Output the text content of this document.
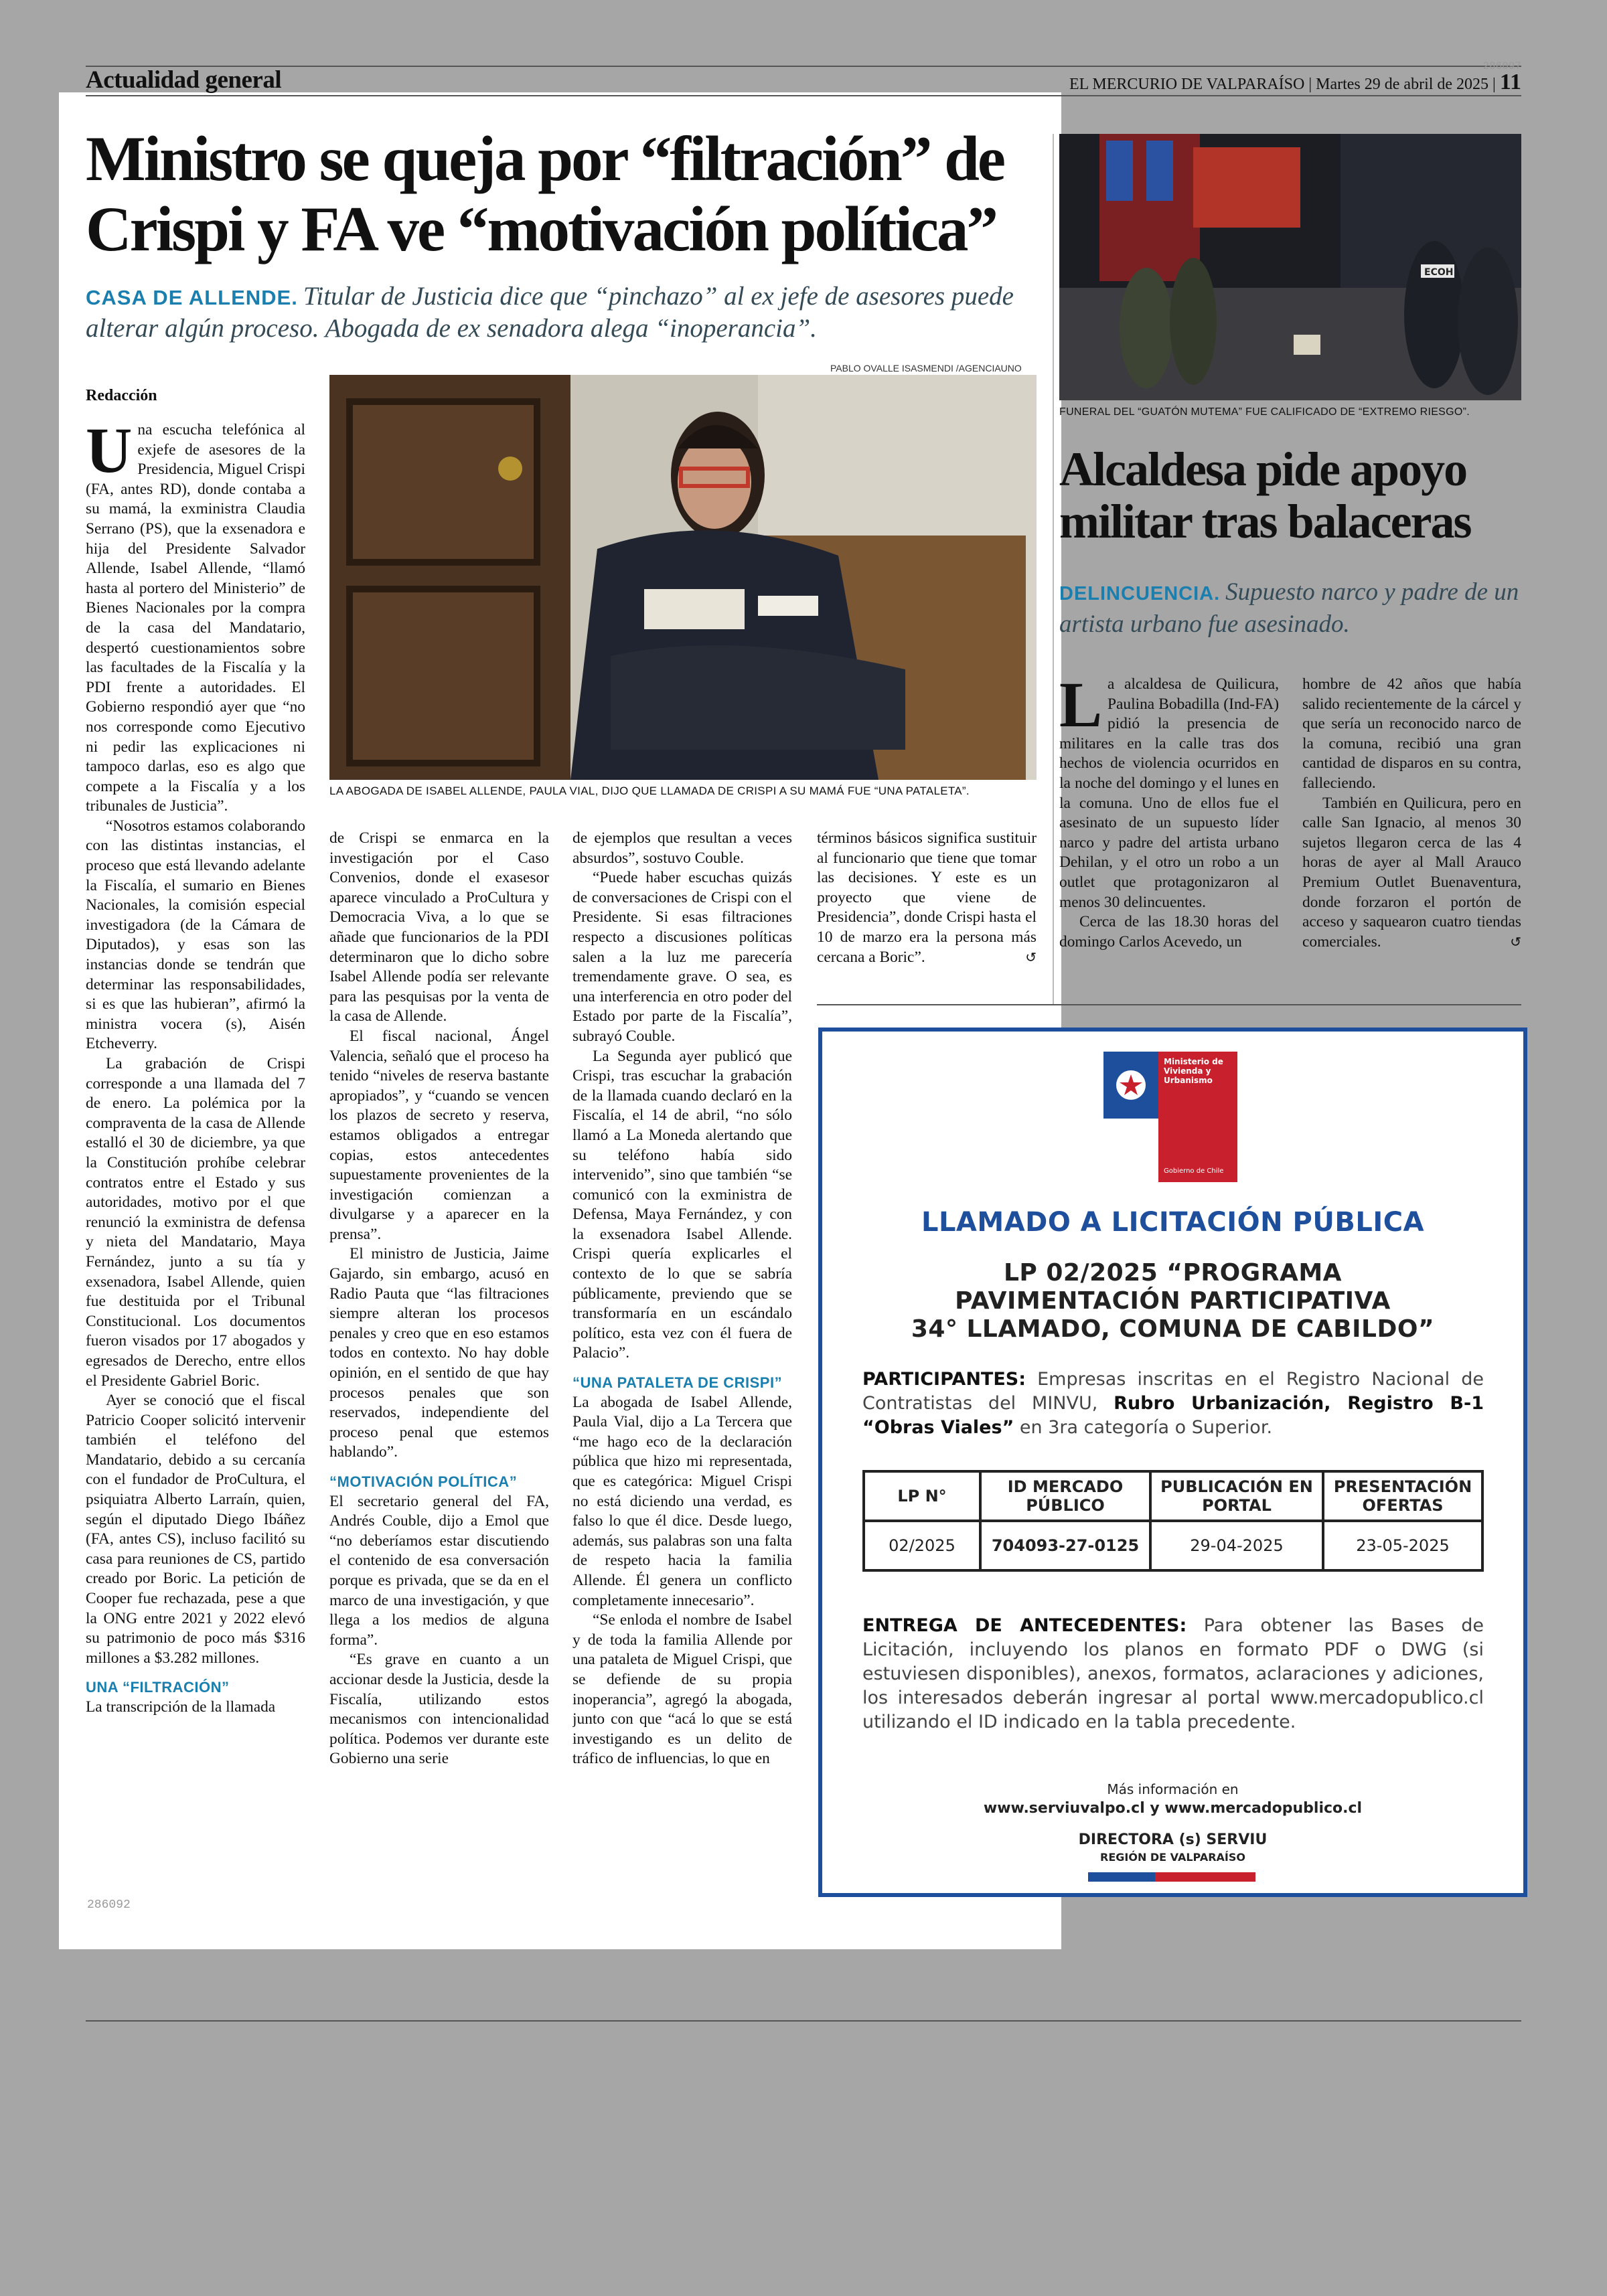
Actualidad general	EL MERCURIO DE VALPARAÍSO | Martes 29 de abril de 2025 | 11
286097
Ministro se queja por “filtración” de
Crispi y FA ve “motivación política”
CASA DE ALLENDE. Titular de Justicia dice que “pinchazo” al ex jefe de asesores puede alterar algún proceso. Abogada de ex senadora alega “inoperancia”.
Redacción
PABLO OVALLE ISASMENDI /AGENCIAUNO
LA ABOGADA DE ISABEL ALLENDE, PAULA VIAL, DIJO QUE LLAMADA DE CRISPI A SU MAMÁ FUE “UNA PATALETA”.

Una escucha telefónica al exjefe de asesores de la Presidencia, Miguel Crispi (FA, antes RD), donde contaba a su mamá, la exministra Claudia Serrano (PS), que la exsenadora e hija del Presidente Salvador Allende, Isabel Allende, “llamó hasta al portero del Ministerio” de Bienes Nacionales por la compra de la casa del Mandatario, despertó cuestionamientos sobre las facultades de la Fiscalía y la PDI frente a autoridades. El Gobierno respondió ayer que “no nos corresponde como Ejecutivo ni pedir las explicaciones ni tampoco darlas, eso es algo que compete a la Fiscalía y a los tribunales de Justicia”.

“Nosotros estamos colaborando con las distintas instancias, el proceso que está llevando adelante la Fiscalía, el sumario en Bienes Nacionales, la comisión especial investigadora (de la Cámara de Diputados), y esas son las instancias donde se tendrán que determinar las responsabilidades, si es que las hubieran”, afirmó la ministra vocera (s), Aisén Etcheverry.

La grabación de Crispi corresponde a una llamada del 7 de enero. La polémica por la compraventa de la casa de Allende estalló el 30 de diciembre, ya que la Constitución prohíbe celebrar contratos entre el Estado y sus autoridades, motivo por el que renunció la exministra de defensa y nieta del Mandatario, Maya Fernández, junto a su tía y exsenadora, Isabel Allende, quien fue destituida por el Tribunal Constitucional. Los documentos fueron visados por 17 abogados y egresados de Derecho, entre ellos el Presidente Gabriel Boric.

Ayer se conoció que el fiscal Patricio Cooper solicitó intervenir también el teléfono del Mandatario, debido a su cercanía con el fundador de ProCultura, el psiquiatra Alberto Larraín, quien, según el diputado Diego Ibáñez (FA, antes CS), incluso facilitó su casa para reuniones de CS, partido creado por Boric. La petición de Cooper fue rechazada, pese a que la ONG entre 2021 y 2022 elevó su patrimonio de poco más $316 millones a $3.282 millones.

UNA “FILTRACIÓN”

La transcripción de la llamada

286092

de Crispi se enmarca en la investigación por el Caso Convenios, donde el exasesor aparece vinculado a ProCultura y Democracia Viva, a lo que se añade que funcionarios de la PDI determinaron que lo dicho sobre Isabel Allende podía ser relevante para las pesquisas por la venta de la casa de Allende.

El fiscal nacional, Ángel Valencia, señaló que el proceso ha tenido “niveles de reserva bastante apropiados”, y “cuando se vencen los plazos de secreto y reserva, estamos obligados a entregar copias, estos antecedentes supuestamente provenientes de la investigación comienzan a divulgarse y a aparecer en la prensa”.

El ministro de Justicia, Jaime Gajardo, sin embargo, acusó en Radio Pauta que “las filtraciones siempre alteran los procesos penales y creo que en eso estamos todos en contexto. No hay doble opinión, en el sentido de que hay procesos penales que son reservados, independiente del proceso penal que estemos hablando”.

“MOTIVACIÓN POLÍTICA”

El secretario general del FA, Andrés Couble, dijo a Emol que “no deberíamos estar discutiendo el contenido de esa conversación porque es privada, que se da en el marco de una investigación, y que llega a los medios de alguna forma”.

“Es grave en cuanto a un accionar desde la Justicia, desde la Fiscalía, utilizando estos mecanismos con intencionalidad política. Podemos ver durante este Gobierno una serie

de ejemplos que resultan a veces absurdos”, sostuvo Couble.

“Puede haber escuchas quizás de conversaciones de Crispi con el Presidente. Si esas filtraciones respecto a discusiones políticas salen a la luz me parecería tremendamente grave. O sea, es una interferencia en otro poder del Estado por parte de la Fiscalía”, subrayó Couble.

La Segunda ayer publicó que Crispi, tras escuchar la grabación de la llamada cuando declaró en la Fiscalía, el 14 de abril, “no sólo llamó a La Moneda alertando que su teléfono había sido intervenido”, sino que también “se comunicó con la exministra de Defensa, Maya Fernández, y con la exsenadora Isabel Allende. Crispi quería explicarles el contexto de lo que se sabría públicamente, previendo que se transformaría en un escándalo político, esta vez con él fuera de Palacio”.

“UNA PATALETA DE CRISPI”

La abogada de Isabel Allende, Paula Vial, dijo a La Tercera que “me hago eco de la declaración pública que hizo mi representada, que es categórica: Miguel Crispi no está diciendo una verdad, es falso lo que él dice. Desde luego, además, sus palabras son una falta de respeto hacia la familia Allende. Él genera un conflicto completamente innecesario”.

“Se enloda el nombre de Isabel y de toda la familia Allende por una pataleta de Miguel Crispi, que se defiende de su propia inoperancia”, agregó la abogada, junto con que “acá lo que se está investigando es un delito de tráfico de influencias, lo que en

términos básicos significa sustituir al funcionario que tiene que tomar las decisiones. Y este es un proyecto que viene de Presidencia”, donde Crispi hasta el 10 de marzo era la persona más cercana a Boric”.	↺

ECOH
FUNERAL DEL “GUATÓN MUTEMA” FUE CALIFICADO DE “EXTREMO RIESGO”.
Alcaldesa pide apoyo
militar tras balaceras
DELINCUENCIA. Supuesto narco y padre de un artista urbano fue asesinado.

La alcaldesa de Quilicura, Paulina Bobadilla (Ind-FA) pidió la presencia de militares en la calle tras dos hechos de violencia ocurridos en la noche del domingo y el lunes en la comuna. Uno de ellos fue el asesinato de un supuesto líder narco y padre del artista urbano Dehilan, y el otro un robo a un outlet que protagonizaron al menos 30 delincuentes.

Cerca de las 18.30 horas del domingo Carlos Acevedo, un

hombre de 42 años que había salido recientemente de la cárcel y que sería un reconocido narco de la comuna, recibió una gran cantidad de disparos en su contra, falleciendo.

También en Quilicura, pero en calle San Ignacio, al menos 30 sujetos llegaron cerca de las 4 horas de ayer al Mall Arauco Premium Outlet Buenaventura, donde forzaron el portón de acceso y saquearon cuatro tiendas comerciales.	↺

Ministerio de Vivienda y Urbanismo
Gobierno de Chile
LLAMADO A LICITACIÓN PÚBLICA
LP 02/2025 “PROGRAMA
PAVIMENTACIÓN PARTICIPATIVA
34° LLAMADO, COMUNA DE CABILDO”
PARTICIPANTES: Empresas inscritas en el Registro Nacional de Contratistas del MINVU, Rubro Urbanización, Registro B-1 “Obras Viales” en 3ra categoría o Superior.
LP N°	ID MERCADO PÚBLICO	PUBLICACIÓN EN PORTAL	PRESENTACIÓN OFERTAS
02/2025	704093-27-0125	29-04-2025	23-05-2025
ENTREGA DE ANTECEDENTES: Para obtener las Bases de Licitación, incluyendo los planos en formato PDF o DWG (si estuviesen disponibles), anexos, formatos, aclaraciones y adiciones, los interesados deberán ingresar al portal www.mercadopublico.cl utilizando el ID indicado en la tabla precedente.
Más información en
www.serviuvalpo.cl y www.mercadopublico.cl
DIRECTORA (s) SERVIU
REGIÓN DE VALPARAÍSO
